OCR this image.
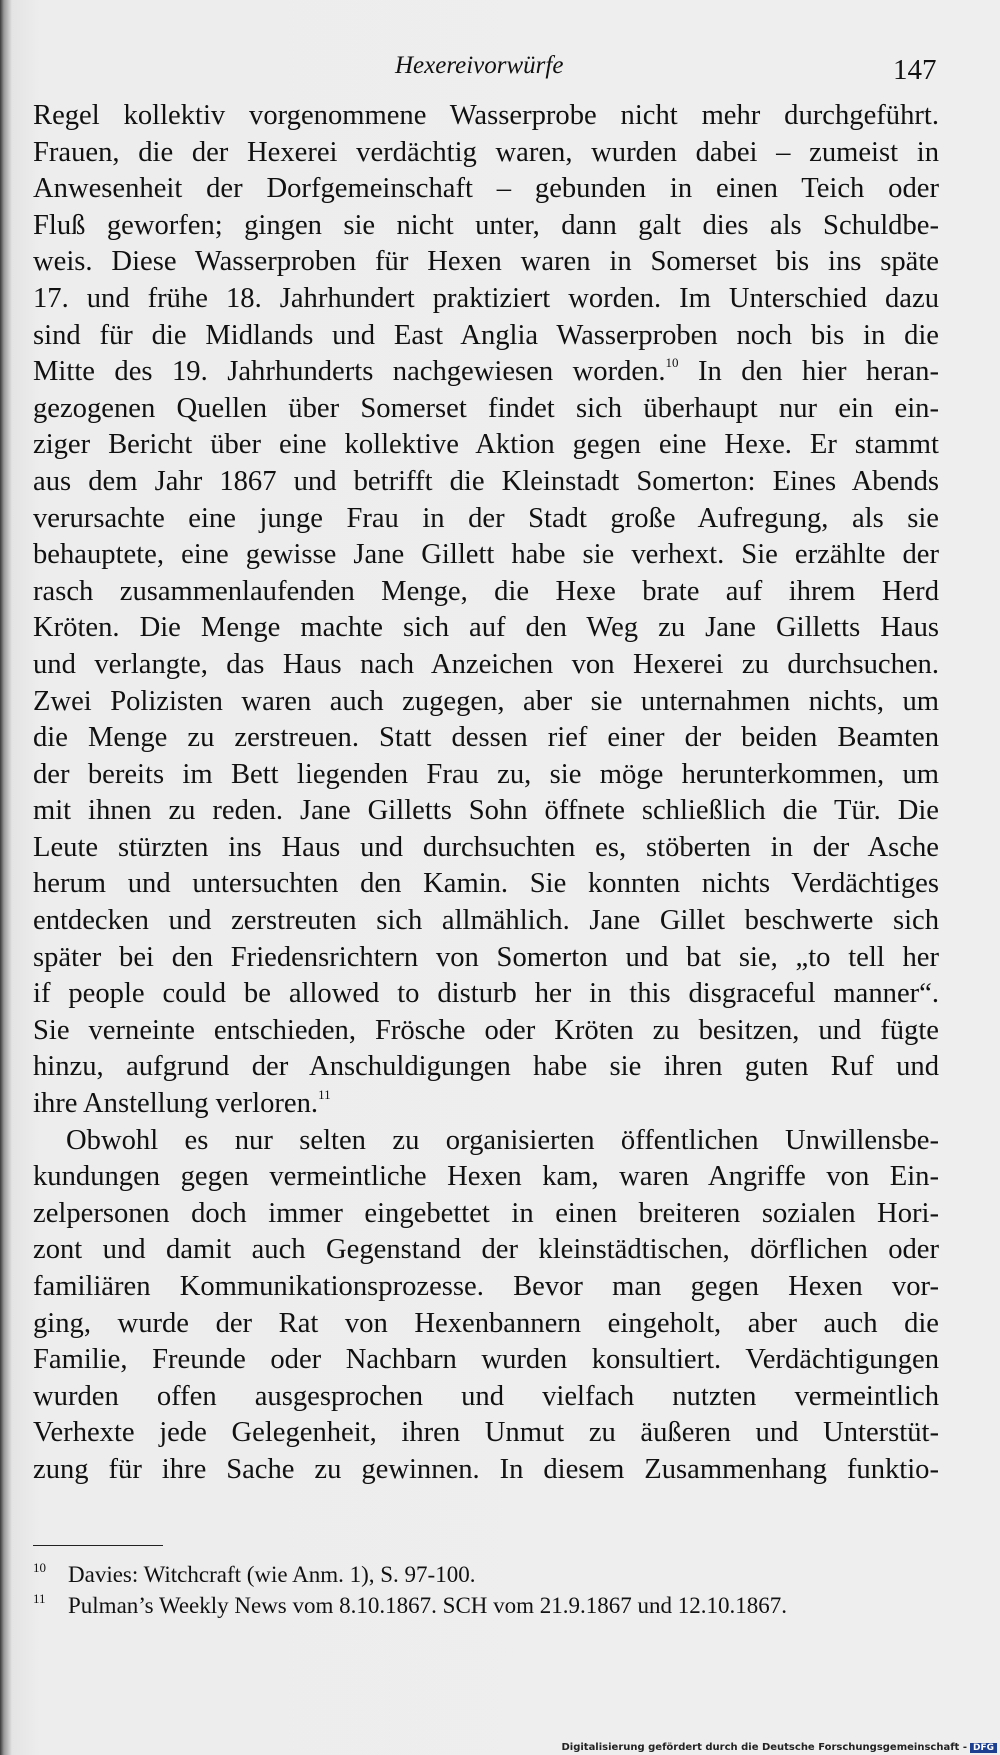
Hexereivorwürfe	147
Regel kollektiv vorgenommene Wasserprobe nicht mehr durchgeführt.
Frauen, die der Hexerei verdächtig waren, wurden dabei – zumeist in
Anwesenheit der Dorfgemeinschaft – gebunden in einen Teich oder
Fluß geworfen; gingen sie nicht unter, dann galt dies als Schuldbe-
weis. Diese Wasserproben für Hexen waren in Somerset bis ins späte
17. und frühe 18. Jahrhundert praktiziert worden. Im Unterschied dazu
sind für die Midlands und East Anglia Wasserproben noch bis in die
Mitte des 19. Jahrhunderts nachgewiesen worden.$^{10}$ In den hier heran-
gezogenen Quellen über Somerset findet sich überhaupt nur ein ein-
ziger Bericht über eine kollektive Aktion gegen eine Hexe. Er stammt
aus dem Jahr 1867 und betrifft die Kleinstadt Somerton: Eines Abends
verursachte eine junge Frau in der Stadt große Aufregung, als sie
behauptete, eine gewisse Jane Gillett habe sie verhext. Sie erzählte der
rasch zusammenlaufenden Menge, die Hexe brate auf ihrem Herd
Kröten. Die Menge machte sich auf den Weg zu Jane Gilletts Haus
und verlangte, das Haus nach Anzeichen von Hexerei zu durchsuchen.
Zwei Polizisten waren auch zugegen, aber sie unternahmen nichts, um
die Menge zu zerstreuen. Statt dessen rief einer der beiden Beamten
der bereits im Bett liegenden Frau zu, sie möge herunterkommen, um
mit ihnen zu reden. Jane Gilletts Sohn öffnete schließlich die Tür. Die
Leute stürzten ins Haus und durchsuchten es, stöberten in der Asche
herum und untersuchten den Kamin. Sie konnten nichts Verdächtiges
entdecken und zerstreuten sich allmählich. Jane Gillet beschwerte sich
später bei den Friedensrichtern von Somerton und bat sie, „to tell her
if people could be allowed to disturb her in this disgraceful manner“.
Sie verneinte entschieden, Frösche oder Kröten zu besitzen, und fügte
hinzu, aufgrund der Anschuldigungen habe sie ihren guten Ruf und
ihre Anstellung verloren.$^{11}$
Obwohl es nur selten zu organisierten öffentlichen Unwillensbe-
kundungen gegen vermeintliche Hexen kam, waren Angriffe von Ein-
zelpersonen doch immer eingebettet in einen breiteren sozialen Hori-
zont und damit auch Gegenstand der kleinstädtischen, dörflichen oder
familiären Kommunikationsprozesse. Bevor man gegen Hexen vor-
ging, wurde der Rat von Hexenbannern eingeholt, aber auch die
Familie, Freunde oder Nachbarn wurden konsultiert. Verdächtigungen
wurden offen ausgesprochen und vielfach nutzten vermeintlich
Verhexte jede Gelegenheit, ihren Unmut zu äußeren und Unterstüt-
zung für ihre Sache zu gewinnen. In diesem Zusammenhang funktio-
10 Davies: Witchcraft (wie Anm. 1), S. 97-100.
11 Pulman’s Weekly News vom 8.10.1867. SCH vom 21.9.1867 und 12.10.1867.
Digitalisierung gefördert durch die Deutsche Forschungsgemeinschaft - DFG
